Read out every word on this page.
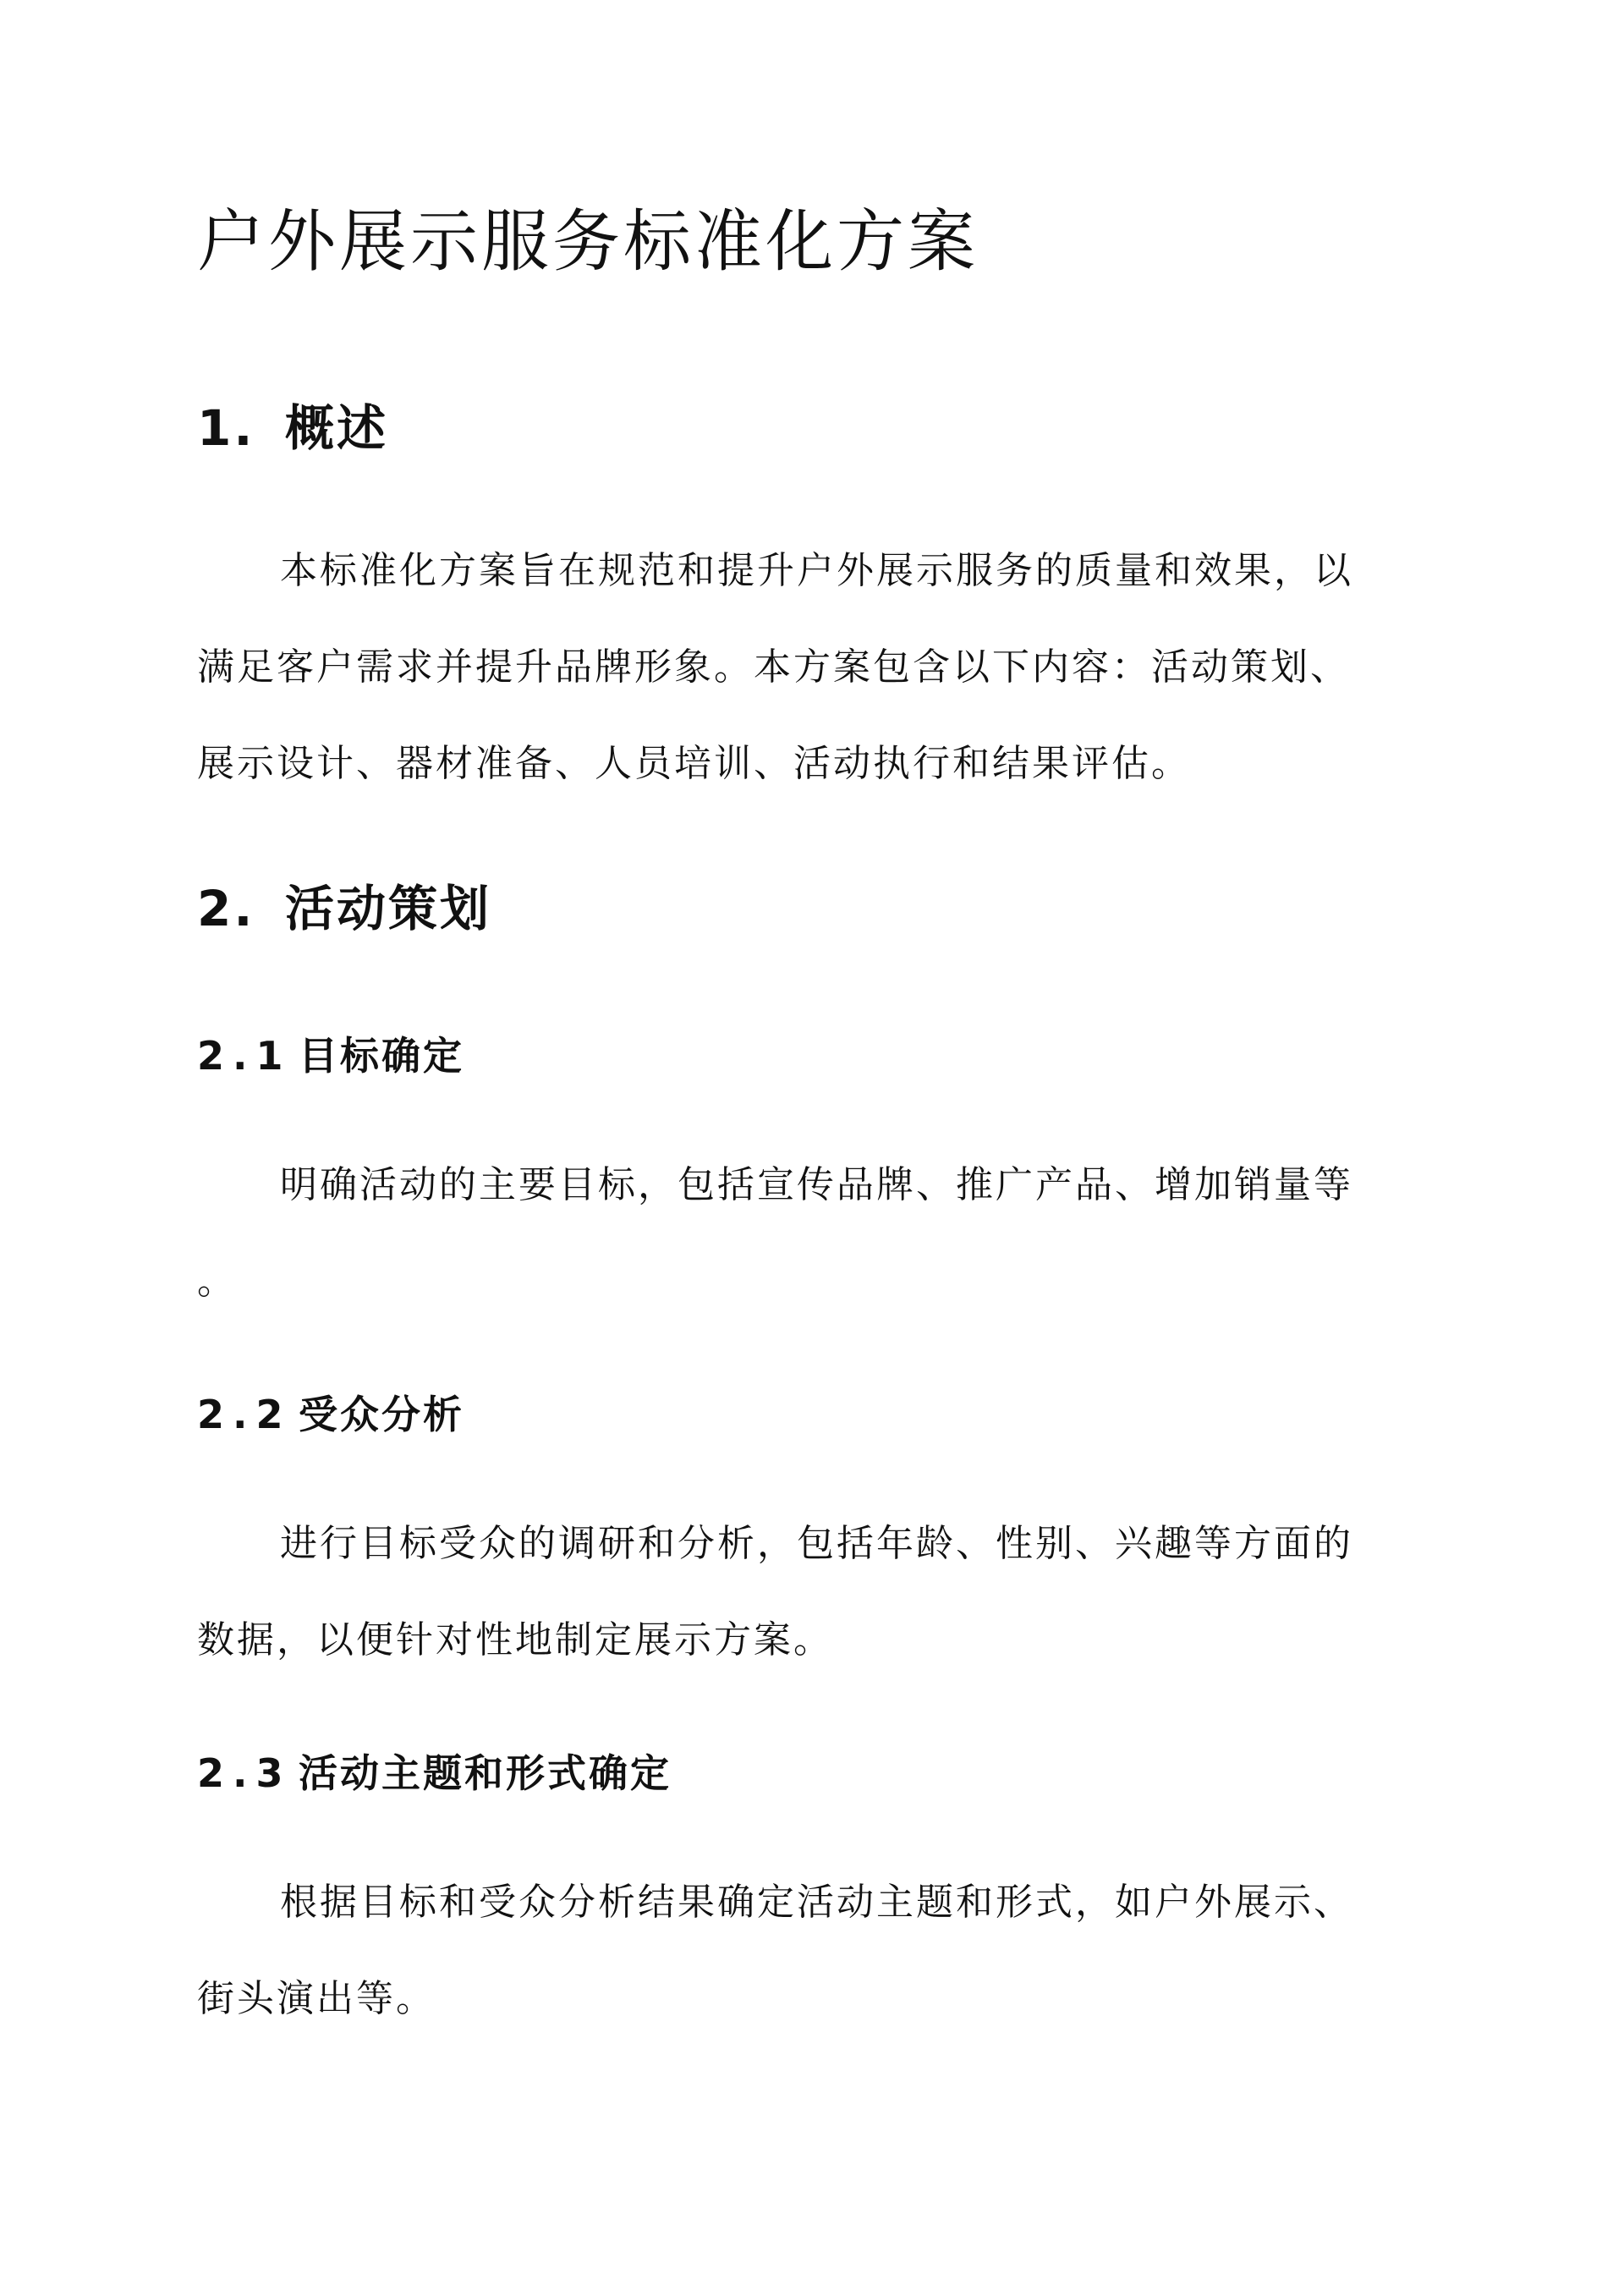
户外展示服务标准化方案
1. 概述
本标准化方案旨在规范和提升户外展示服务的质量和效果，以
满足客户需求并提升品牌形象。本方案包含以下内容：活动策划、
展示设计、器材准备、人员培训、活动执行和结果评估。
2. 活动策划
2.1 目标确定
明确活动的主要目标，包括宣传品牌、推广产品、增加销量等
。
2.2 受众分析
进行目标受众的调研和分析，包括年龄、性别、兴趣等方面的
数据，以便针对性地制定展示方案。
2.3 活动主题和形式确定
根据目标和受众分析结果确定活动主题和形式，如户外展示、
街头演出等。
